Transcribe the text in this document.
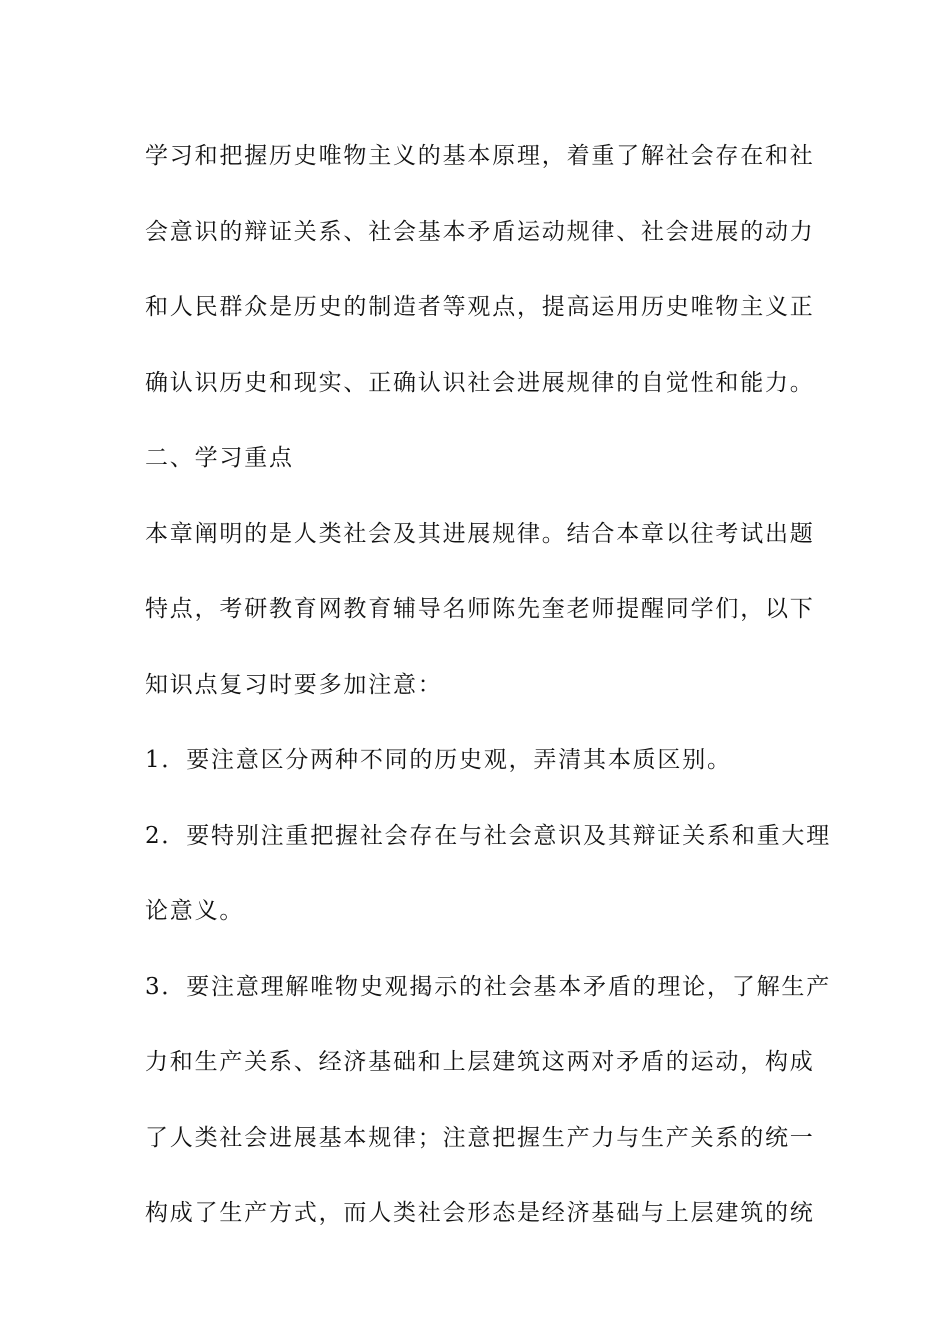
学习和把握历史唯物主义的基本原理，着重了解社会存在和社
会意识的辩证关系、社会基本矛盾运动规律、社会进展的动力
和人民群众是历史的制造者等观点，提高运用历史唯物主义正
确认识历史和现实、正确认识社会进展规律的自觉性和能力。
二、学习重点
本章阐明的是人类社会及其进展规律。结合本章以往考试出题
特点，考研教育网教育辅导名师陈先奎老师提醒同学们，以下
知识点复习时要多加注意：
1．要注意区分两种不同的历史观，弄清其本质区别。
2．要特别注重把握社会存在与社会意识及其辩证关系和重大理
论意义。
3．要注意理解唯物史观揭示的社会基本矛盾的理论，了解生产
力和生产关系、经济基础和上层建筑这两对矛盾的运动，构成
了人类社会进展基本规律；注意把握生产力与生产关系的统一
构成了生产方式，而人类社会形态是经济基础与上层建筑的统
